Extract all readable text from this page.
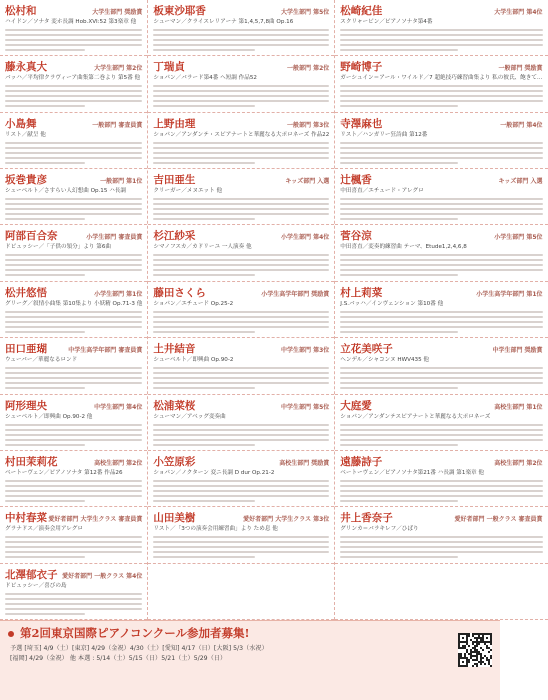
松村和	大学生部門 奨励賞
ハイドン／ソナタ 変ホ長調 Hob.XVI:52 第3楽章 他
藤永真大	大学生部門 第2位
バッハ／平均律クラヴィーア曲集第二巻より 第5番 他
小島舞	一般部門 審査員賞
リスト／献呈 他
坂巻貴彦	一般部門 第1位
シューベルト／さすらい人幻想曲 Op.15 ハ長調
阿部百合奈	小学生部門 審査員賞
ドビュッシー／「子供の領分」より 第6曲
松井悠悟	小学生部門 第1位
グリーグ／叙情小曲集 第10集より 小妖精 Op.71-3 他
田口亜瑚	中学生高学年部門 審査員賞
ウェーバー／華麗なるロンド
阿形理央	中学生部門 第4位
シューベルト／即興曲 Op.90-2 他
村田茉莉花	高校生部門 第2位
ベートーヴェン／ピアノソナタ 第12番 作品26
中村春菜 愛好者部門 大学生クラス 審査員賞
グラナドス／演奏会用アレグロ
北澤郁衣子 愛好者部門 一般クラス 第4位
ドビュッシー／喜びの島
板東沙耶香	大学生部門 第5位
シューマン／クライスレリアーナ 第1,4,5,7,8曲 Op.16
丁瑞貞	一般部門 第2位
ショパン／バラード第4番 ヘ短調 作品52
上野由理	一般部門 第3位
ショパン／アンダンテ・スピアナートと華麗なる大ポロネーズ 作品22
吉田亜生	キッズ部門 入選
クリーガー／メヌエット 他
杉江紗采	小学生部門 第4位
シマノフスカ／カドリーユ 一人演奏 他
藤田さくら	小学生高学年部門 奨励賞
ショパン／エチュード Op.25-2
土井結音	中学生部門 第3位
シューベルト／即興曲 Op.90-2
松浦菜桜	中学生部門 第5位
シューマン／アベッグ変奏曲
小笠原彩	高校生部門 奨励賞
ショパン／ノクターン 変ニ長調 D dur Op.21-2
山田美樹	愛好者部門 大学生クラス 第3位
リスト／「3つの演奏会用練習曲」より ため息 他
松崎紀佳	大学生部門 第4位
スクリャービン／ピアノソナタ第4番
野崎博子	一般部門 奨励賞
ガーシュイン＝アール・ワイルド／7 超絶技巧練習曲集より 私の彼氏、飽きて…
寺澤麻也	一般部門 第4位
リスト／ハンガリー狂詩曲 第12番
辻楓香	キッズ部門 入選
中田喜直／エチュード・アレグロ
菅谷涼	小学生部門 第5位
中田喜直／変奏的練習曲 テーマ、Etude1,2,4,6,8
村上莉菜	小学生高学年部門 第1位
J.S.バッハ／インヴェンション 第10番 他
立花美咲子	中学生部門 奨励賞
ヘンデル／シャコンヌ HWV435 他
大庭愛	高校生部門 第1位
ショパン／アンダンテスピアナートと華麗なる大ポロネーズ
遠藤詩子	高校生部門 第2位
ベートーヴェン／ピアノソナタ第21番 ハ長調 第1楽章 他
井上香奈子	愛好者部門 一般クラス 審査員賞
グリンカ＝バラキレフ／ひばり
第2回東京国際ピアノコンクール参加者募集!
予選 [埼玉] 4/9（土）[東京] 4/29（金祝）4/30（土）[愛知] 4/17（日）[大阪] 5/3（水祝）
[福岡] 4/29（金祝） 他 本選 : 5/14（土）5/15（日）5/21（土）5/29（日）
